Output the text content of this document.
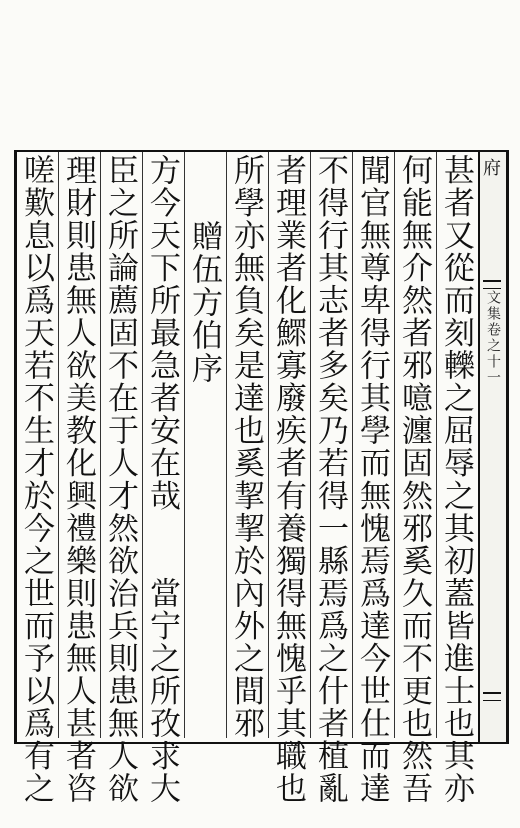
府
文集卷之十一
甚者又從而刻轢之屈辱之其初蓋皆進士也其亦
何能無介然者邪噫瀍固然邪奚久而不更也然吾
聞官無尊卑得行其學而無愧焉爲達今世仕而達
不得行其志者多矣乃若得一縣焉爲之什者植亂
者理業者化鰥寡廢疾者有養獨得無愧乎其職也
所學亦無負矣是達也奚挈挈於內外之間邪
　　贈伍方伯序
方今天下所最急者安在哉　　當宁之所孜求大
臣之所論薦固不在于人才然欲治兵則患無人欲
理財則患無人欲美教化興禮樂則患無人甚者咨
嗟歎息以爲天若不生才於今之世而予以爲有之
